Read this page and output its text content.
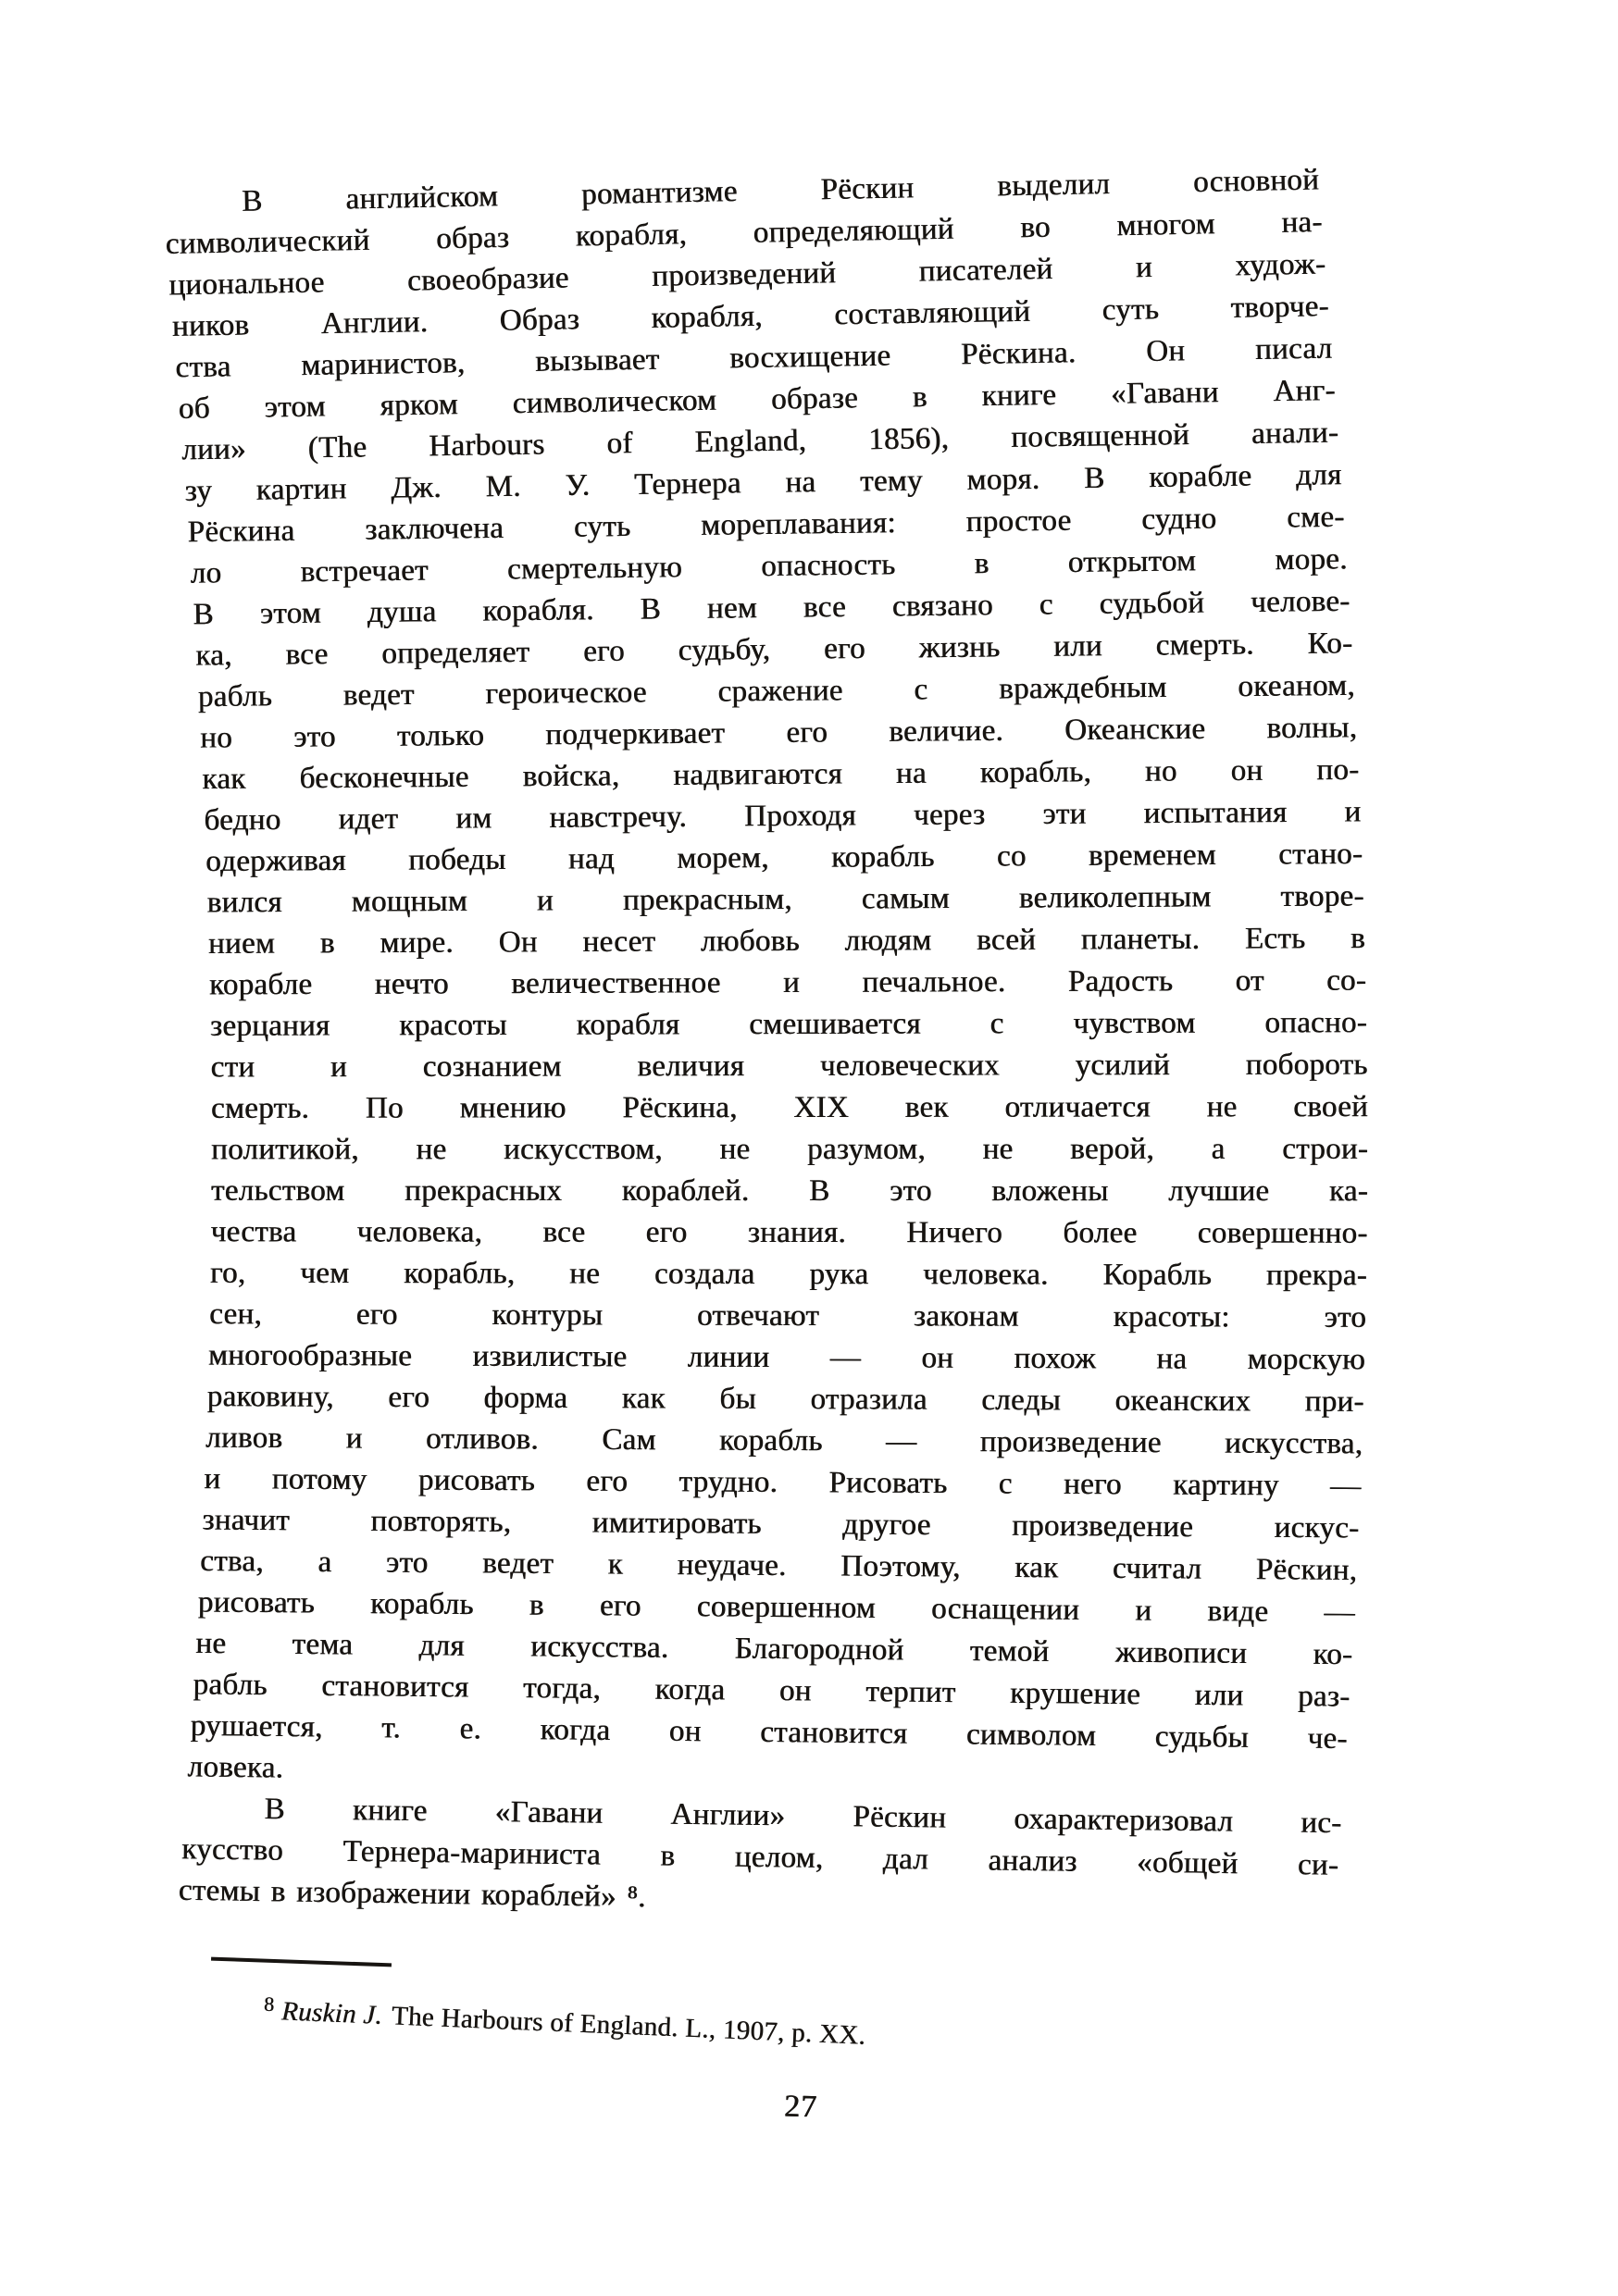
В английском романтизме Рёскин выделил основной
символический образ корабля, определяющий во многом на-
циональное своеобразие произведений писателей и худож-
ников Англии. Образ корабля, составляющий суть творче-
ства маринистов, вызывает восхищение Рёскина. Он писал
об этом ярком символическом образе в книге «Гавани Анг-
лии» (The Harbours of England, 1856), посвященной анали-
зу картин Дж. М. У. Тернера на тему моря. В корабле для
Рёскина заключена суть мореплавания: простое судно сме-
ло встречает смертельную опасность в открытом море.
В этом душа корабля. В нем все связано с судьбой челове-
ка, все определяет его судьбу, его жизнь или смерть. Ко-
рабль ведет героическое сражение с враждебным океаном,
но это только подчеркивает его величие. Океанские волны,
как бесконечные войска, надвигаются на корабль, но он по-
бедно идет им навстречу. Проходя через эти испытания и
одерживая победы над морем, корабль со временем стано-
вился мощным и прекрасным, самым великолепным творе-
нием в мире. Он несет любовь людям всей планеты. Есть в
корабле нечто величественное и печальное. Радость от со-
зерцания красоты корабля смешивается с чувством опасно-
сти и сознанием величия человеческих усилий побороть
смерть. По мнению Рёскина, XIX век отличается не своей
политикой, не искусством, не разумом, не верой, а строи-
тельством прекрасных кораблей. В это вложены лучшие ка-
чества человека, все его знания. Ничего более совершенно-
го, чем корабль, не создала рука человека. Корабль прекра-
сен, его контуры отвечают законам красоты: это
многообразные извилистые линии — он похож на морскую
раковину, его форма как бы отразила следы океанских при-
ливов и отливов. Сам корабль — произведение искусства,
и потому рисовать его трудно. Рисовать с него картину —
значит повторять, имитировать другое произведение искус-
ства, а это ведет к неудаче. Поэтому, как считал Рёскин,
рисовать корабль в его совершенном оснащении и виде —
не тема для искусства. Благородной темой живописи ко-
рабль становится тогда, когда он терпит крушение или раз-
рушается, т. е. когда он становится символом судьбы че-
ловека.
В книге «Гавани Англии» Рёскин охарактеризовал ис-
кусство Тернера-мариниста в целом, дал анализ «общей си-
стемы в изображении кораблей» ⁸.
$^8$ Ruskin J. The Harbours of England. L., 1907, p. XX.
27
